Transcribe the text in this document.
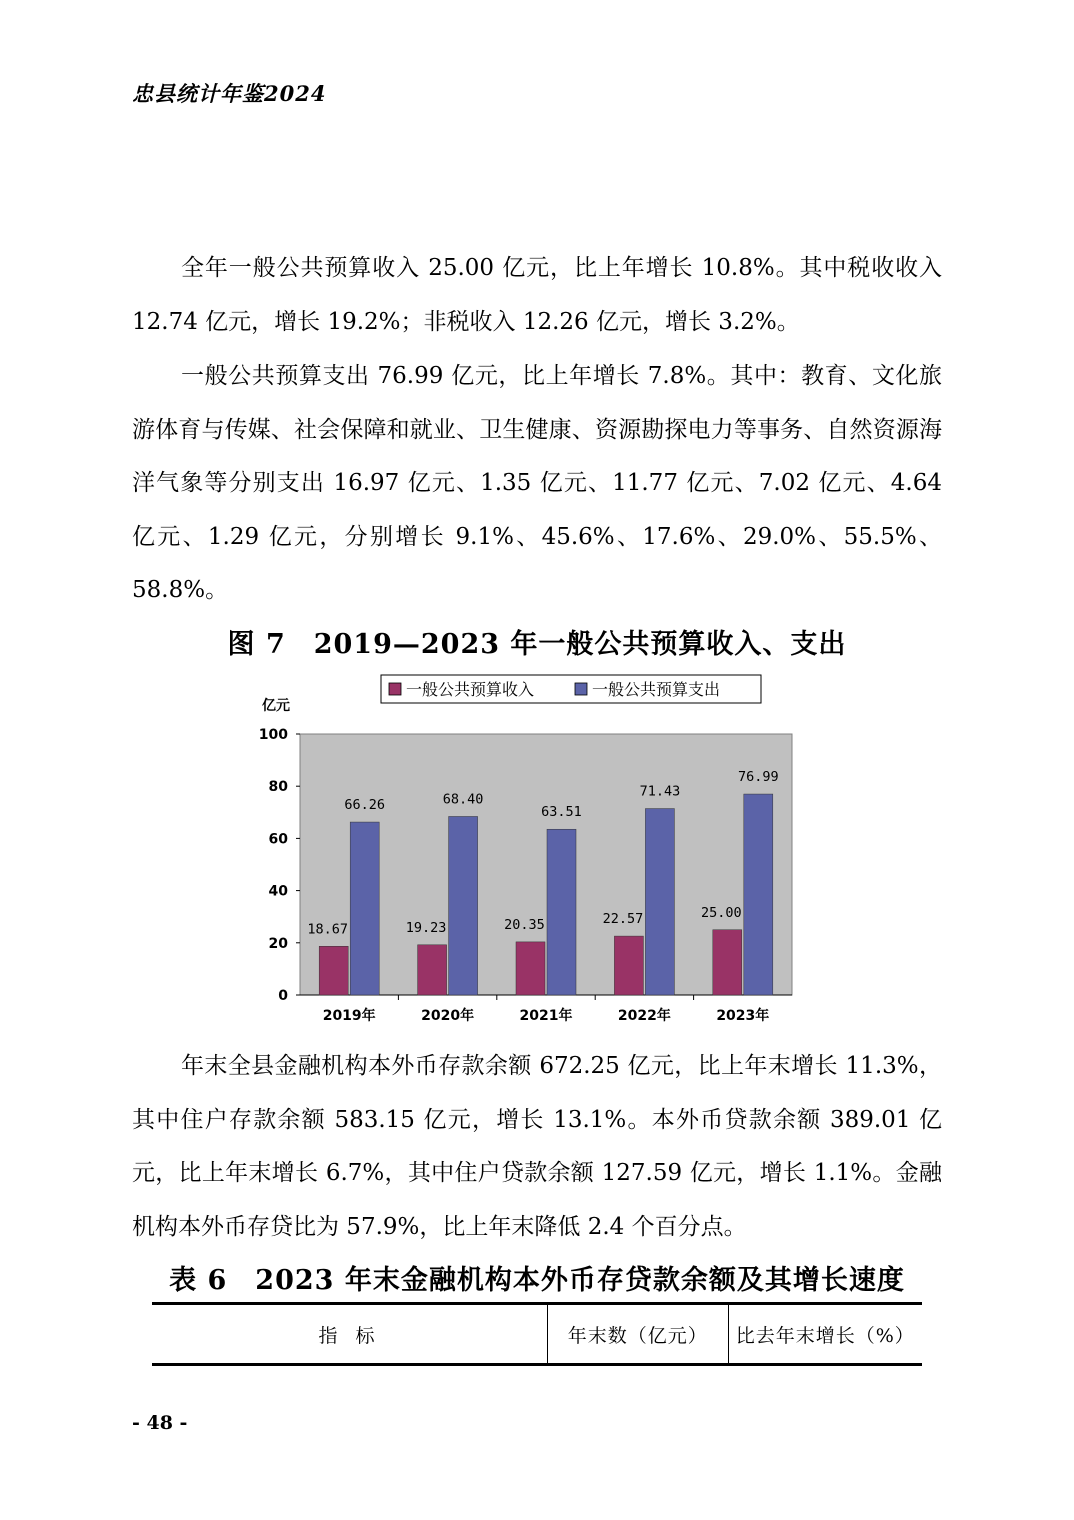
忠县统计年鉴2024

全年一般公共预算收入 25.00 亿元，比上年增长 10.8%。其中税收收入 12.74 亿元，增长 19.2%；非税收入 12.26 亿元，增长 3.2%。

一般公共预算支出 76.99 亿元，比上年增长 7.8%。其中：教育、文化旅游体育与传媒、社会保障和就业、卫生健康、资源勘探电力等事务、自然资源海洋气象等分别支出 16.97 亿元、1.35 亿元、11.77 亿元、7.02 亿元、4.64 亿元、1.29 亿元，分别增长 9.1%、45.6%、17.6%、29.0%、55.5%、58.8%。

图 7　2019—2023 年一般公共预算收入、支出
一般公共预算收入	一般公共预算支出
亿元
0
20
40
60
80
100
18.67
66.26
2019年
19.23
68.40
2020年
20.35
63.51
2021年
22.57
71.43
2022年
25.00
76.99
2023年

年末全县金融机构本外币存款余额 672.25 亿元，比上年末增长 11.3%，其中住户存款余额 583.15 亿元，增长 13.1%。本外币贷款余额 389.01 亿元，比上年末增长 6.7%，其中住户贷款余额 127.59 亿元，增长 1.1%。金融机构本外币存贷比为 57.9%，比上年末降低 2.4 个百分点。

表 6　2023 年末金融机构本外币存贷款余额及其增长速度
指 标	年末数（亿元）	比去年末增长（%）
- 48 -
